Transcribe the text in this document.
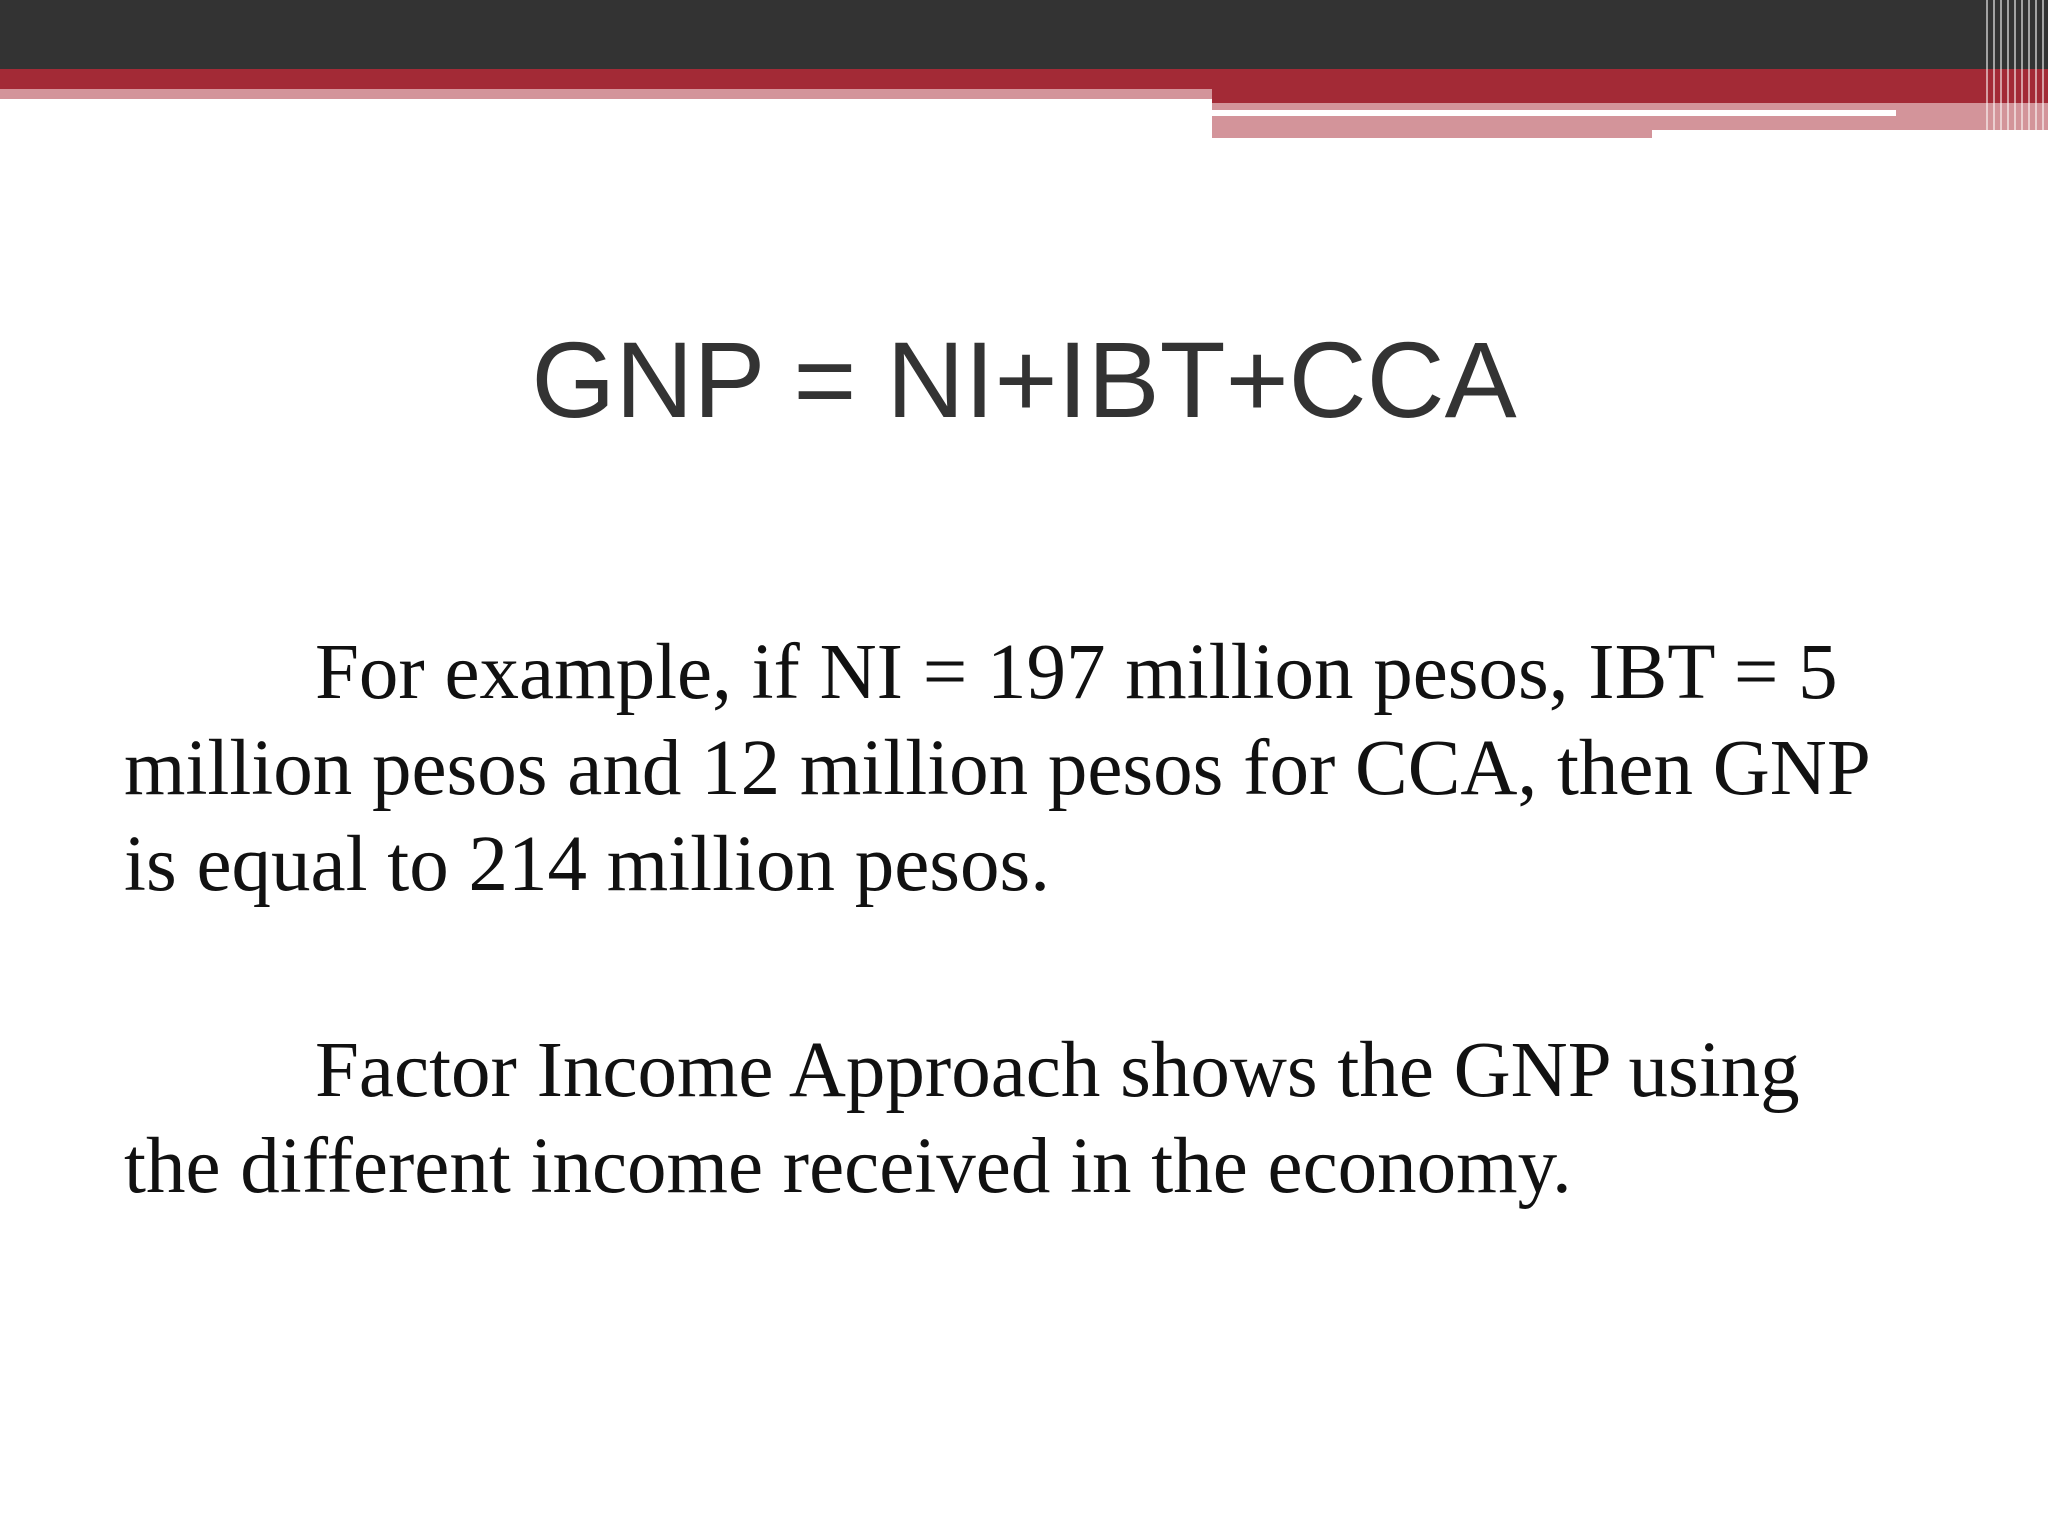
GNP = NI+IBT+CCA

For example, if NI = 197 million pesos, IBT = 5 million pesos and 12 million pesos for CCA, then GNP is equal to 214 million pesos.

Factor Income Approach shows the GNP using the different income received in the economy.
